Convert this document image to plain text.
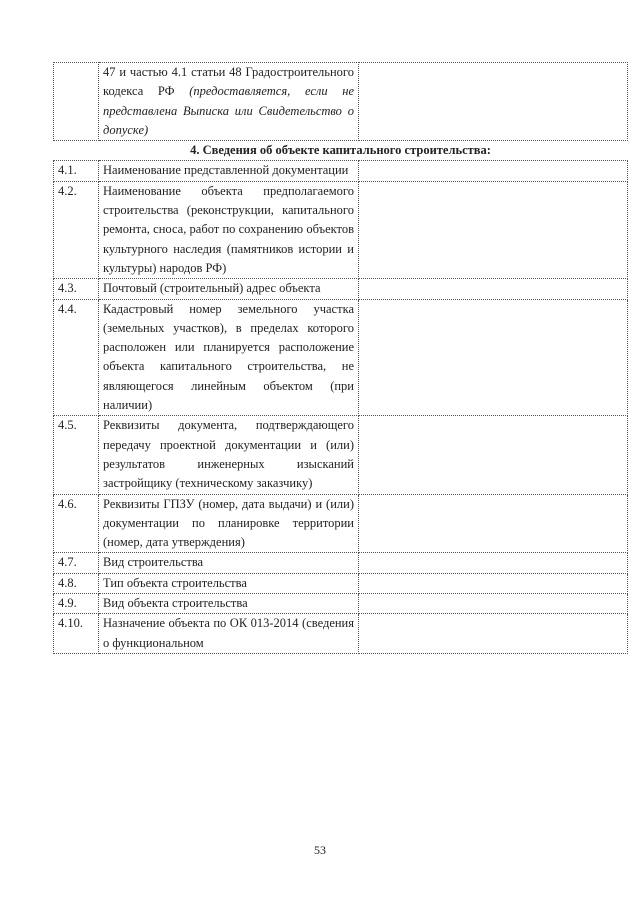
	47 и частью 4.1 статьи 48 Градостроительного кодекса РФ (предоставляется, если не представлена Выписка или Свидетельство о допуске)	
4. Сведения об объекте капитального строительства:		
4.1.	Наименование представленной документации	
4.2.	Наименование объекта предполагаемого строительства (реконструкции, капитального ремонта, сноса, работ по сохранению объектов культурного наследия (памятников истории и культуры) народов РФ)	
4.3.	Почтовый (строительный) адрес объекта	
4.4.	Кадастровый номер земельного участка (земельных участков), в пределах которого расположен или планируется расположение объекта капитального строительства, не являющегося линейным объектом (при наличии)	
4.5.	Реквизиты документа, подтверждающего передачу проектной документации и (или) результатов инженерных изысканий застройщику (техническому заказчику)	
4.6.	Реквизиты ГПЗУ (номер, дата выдачи) и (или) документации по планировке территории (номер, дата утверждения)	
4.7.	Вид строительства	
4.8.	Тип объекта строительства	
4.9.	Вид объекта строительства	
4.10.	Назначение объекта по ОК 013-2014 (сведения о функциональном	
53
